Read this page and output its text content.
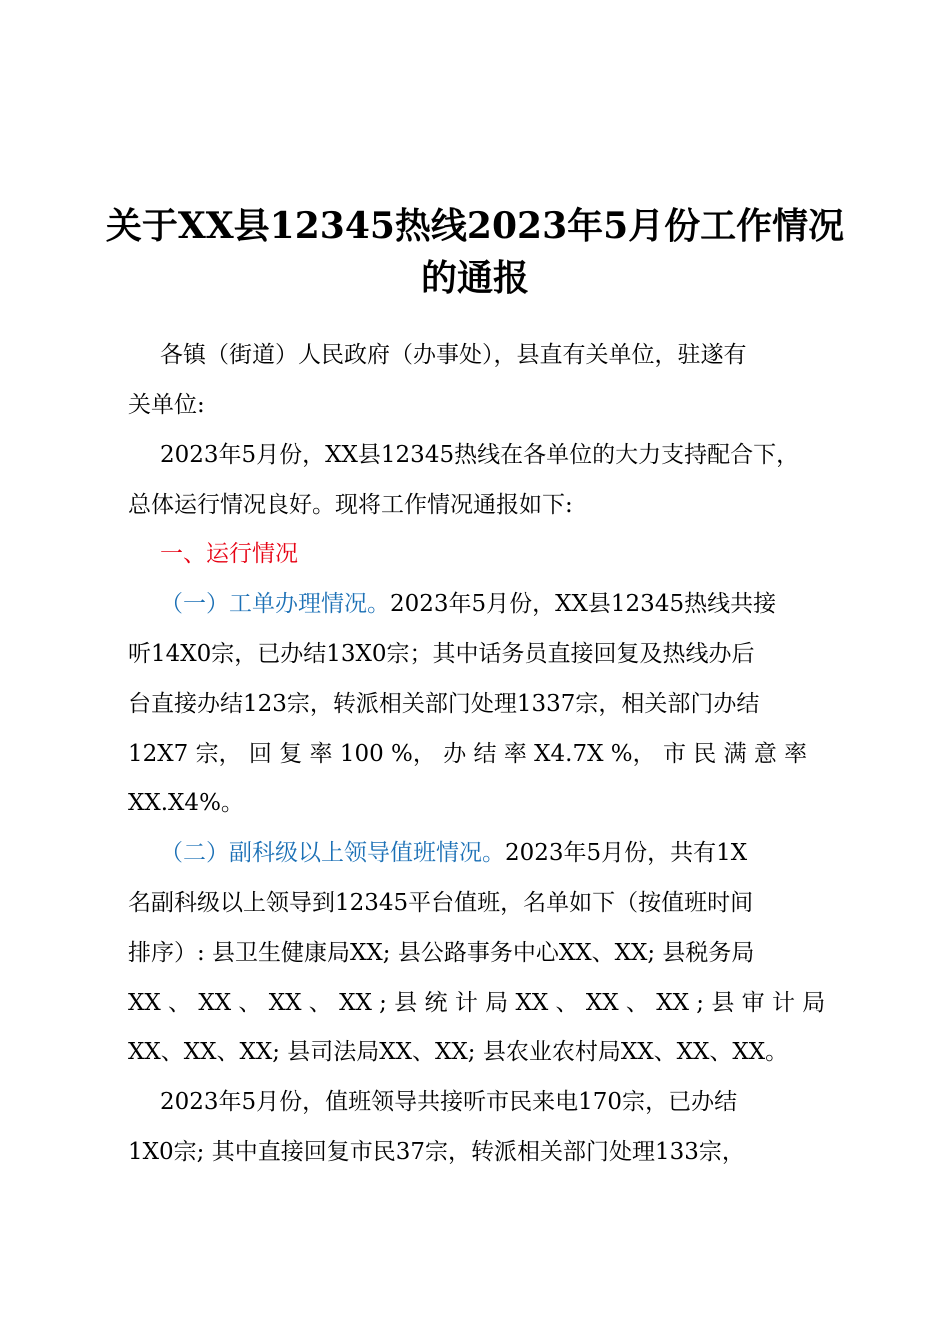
关于XX县12345热线2023年5月份工作情况
的通报
各镇（街道）人民政府（办事处），县直有关单位，驻遂有
关单位:
2023年5月份，XX县12345热线在各单位的大力支持配合下，
总体运行情况良好。现将工作情况通报如下:
一、运行情况
（一）工单办理情况。2023年5月份，XX县12345热线共接
听14X0宗，已办结13X0宗；其中话务员直接回复及热线办后
台直接办结123宗，转派相关部门处理1337宗，相关部门办结
12X7 宗， 回 复 率 100 %， 办 结 率 X4.7X %， 市 民 满 意 率
XX.X4%。
（二）副科级以上领导值班情况。2023年5月份，共有1X
名副科级以上领导到12345平台值班，名单如下（按值班时间
排序）: 县卫生健康局XX; 县公路事务中心XX、XX; 县税务局
XX 、 XX 、 XX 、 XX ; 县 统 计 局 XX 、 XX 、 XX ; 县 审 计 局
XX、XX、XX; 县司法局XX、XX; 县农业农村局XX、XX、XX。
2023年5月份，值班领导共接听市民来电170宗，已办结
1X0宗; 其中直接回复市民37宗，转派相关部门处理133宗，
